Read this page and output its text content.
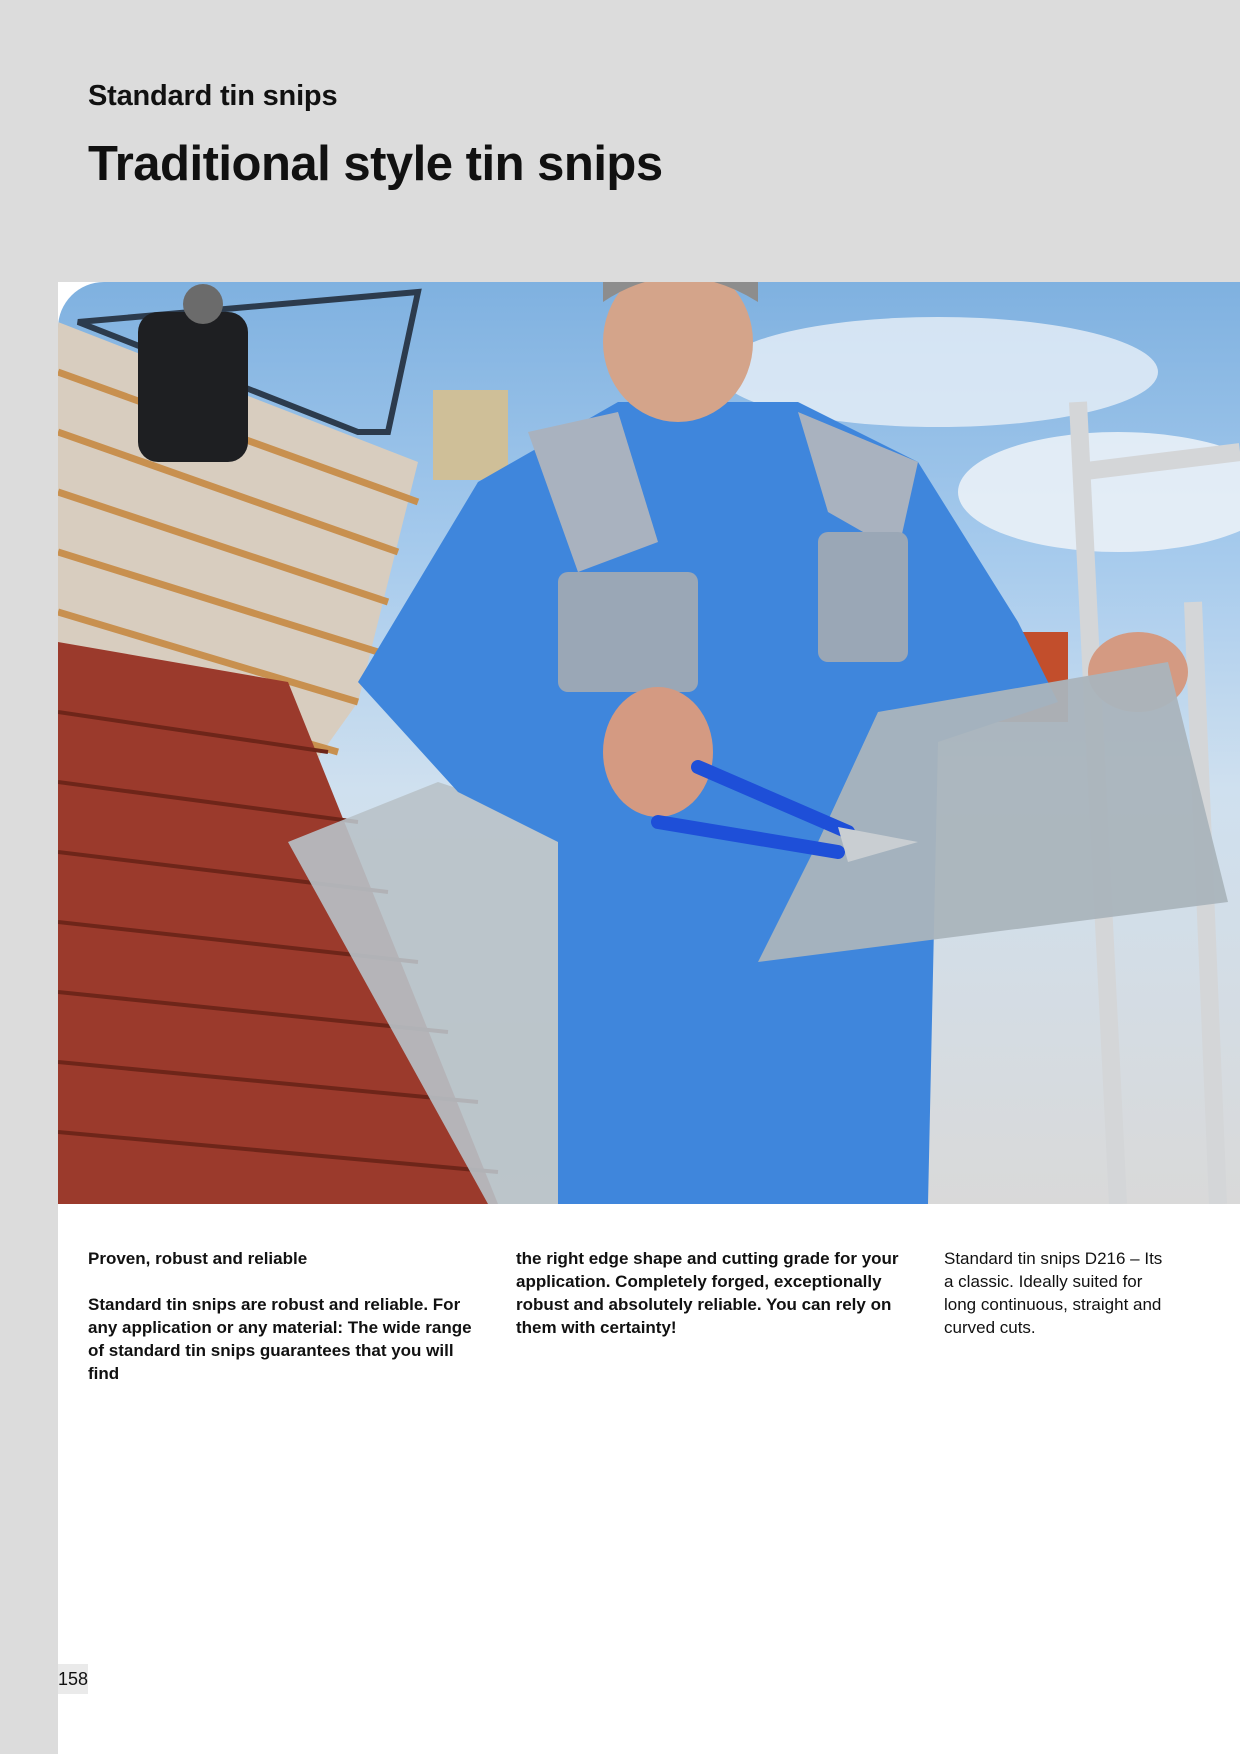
Standard tin snips
Traditional style tin snips

Proven, robust and reliable

Standard tin snips are robust and reliable. For any application or any material: The wide range of standard tin snips guarantees that you will find

the right edge shape and cutting grade for your application. Completely forged, exceptionally robust and absolutely reliable. You can rely on them with certainty!

Standard tin snips D216 – Its a classic. Ideally suited for long continuous, straight and curved cuts.

158
